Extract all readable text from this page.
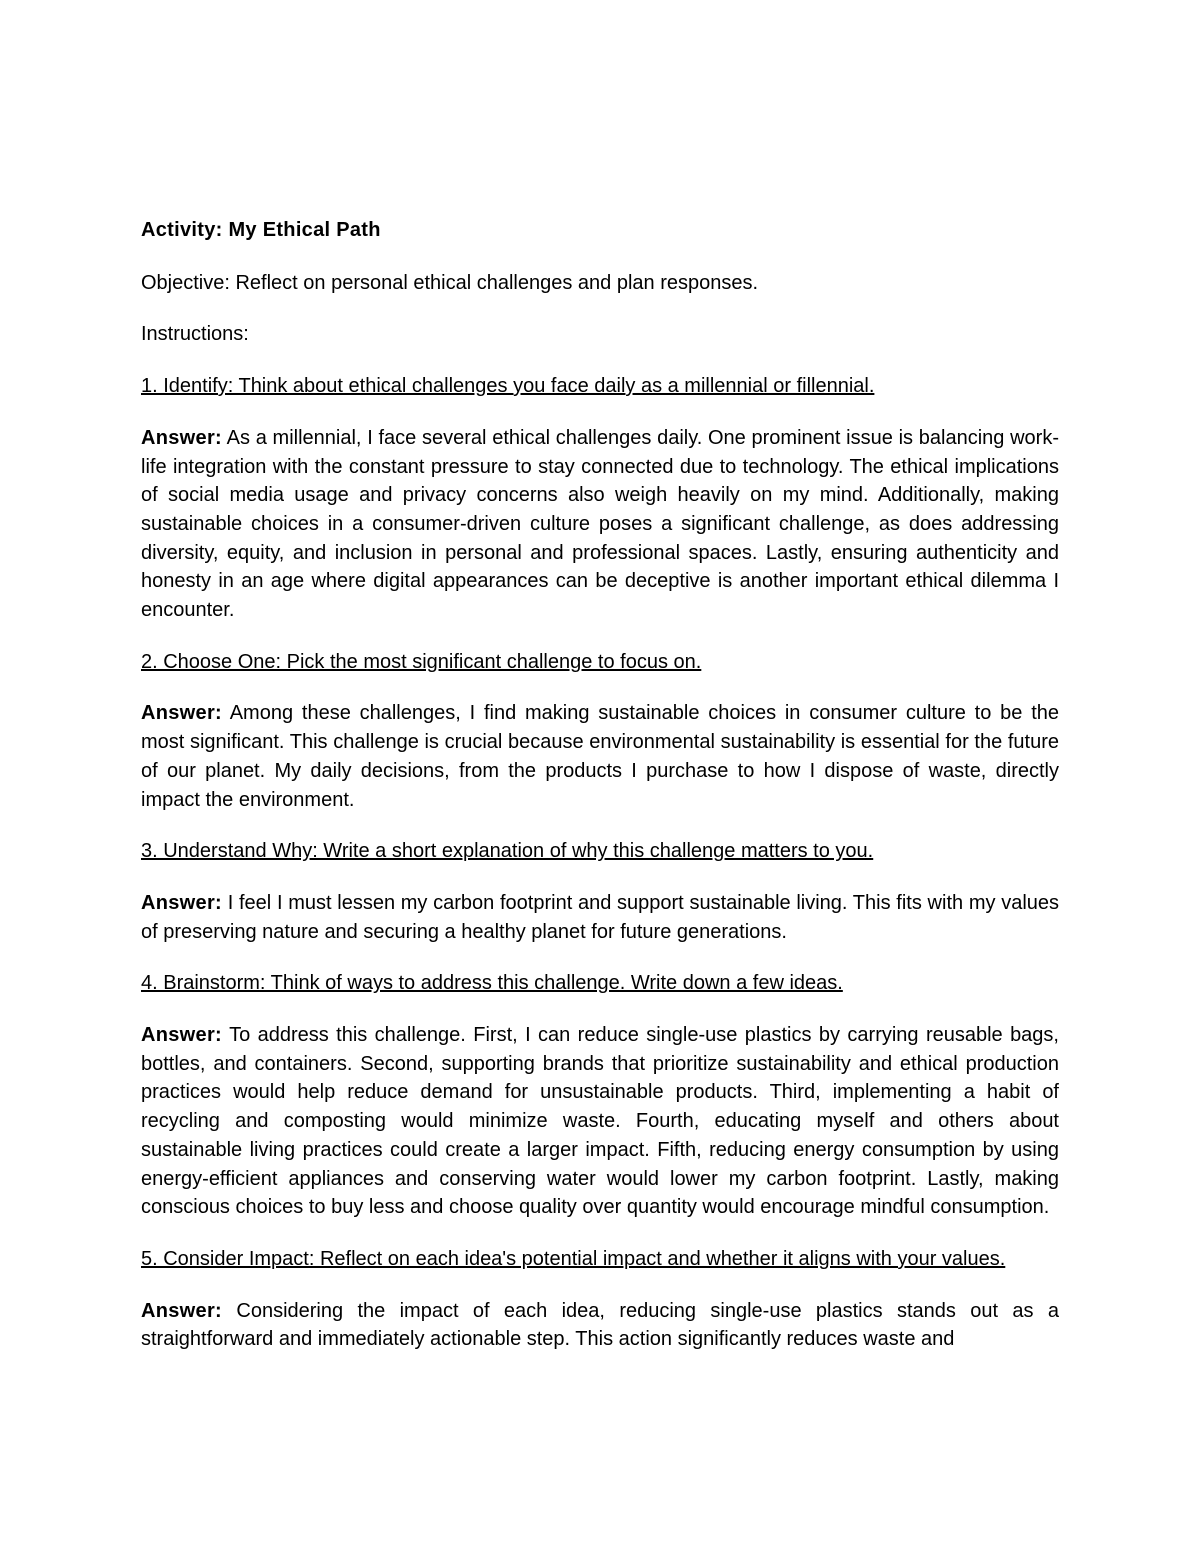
Activity: My Ethical Path
Objective: Reflect on personal ethical challenges and plan responses.
Instructions:
1. Identify: Think about ethical challenges you face daily as a millennial or fillennial.
Answer: As a millennial, I face several ethical challenges daily. One prominent issue is balancing work-life integration with the constant pressure to stay connected due to technology. The ethical implications of social media usage and privacy concerns also weigh heavily on my mind. Additionally, making sustainable choices in a consumer-driven culture poses a significant challenge, as does addressing diversity, equity, and inclusion in personal and professional spaces. Lastly, ensuring authenticity and honesty in an age where digital appearances can be deceptive is another important ethical dilemma I encounter.
2. Choose One: Pick the most significant challenge to focus on.
Answer: Among these challenges, I find making sustainable choices in consumer culture to be the most significant. This challenge is crucial because environmental sustainability is essential for the future of our planet. My daily decisions, from the products I purchase to how I dispose of waste, directly impact the environment.
3. Understand Why: Write a short explanation of why this challenge matters to you.
Answer: I feel I must lessen my carbon footprint and support sustainable living. This fits with my values of preserving nature and securing a healthy planet for future generations.
4. Brainstorm: Think of ways to address this challenge. Write down a few ideas.
Answer: To address this challenge. First, I can reduce single-use plastics by carrying reusable bags, bottles, and containers. Second, supporting brands that prioritize sustainability and ethical production practices would help reduce demand for unsustainable products. Third, implementing a habit of recycling and composting would minimize waste. Fourth, educating myself and others about sustainable living practices could create a larger impact. Fifth, reducing energy consumption by using energy-efficient appliances and conserving water would lower my carbon footprint. Lastly, making conscious choices to buy less and choose quality over quantity would encourage mindful consumption.
5. Consider Impact: Reflect on each idea's potential impact and whether it aligns with your values.
Answer: Considering the impact of each idea, reducing single-use plastics stands out as a straightforward and immediately actionable step. This action significantly reduces waste and
